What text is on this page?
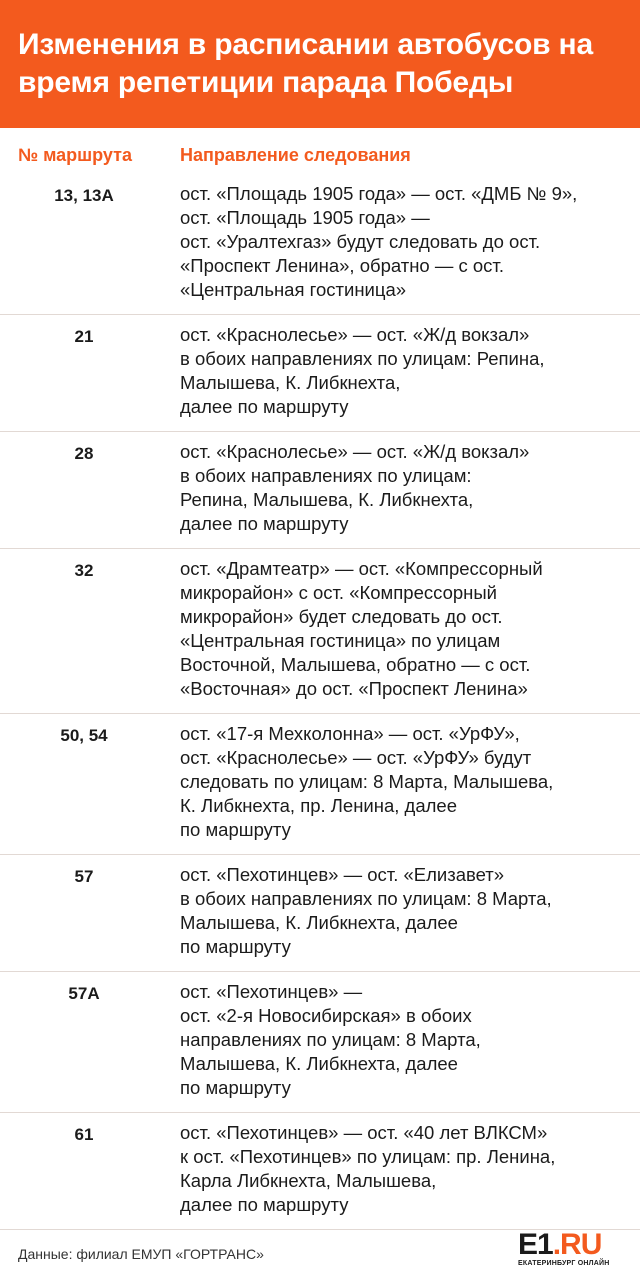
Изменения в расписании автобусов на время репетиции парада Победы
№ маршрута	Направление следования
13, 13А	ост. «Площадь 1905 года» — ост. «ДМБ № 9»,
ост. «Площадь 1905 года» —
ост. «Уралтехгаз» будут следовать до ост.
«Проспект Ленина», обратно — с ост.
«Центральная гостиница»
21	ост. «Краснолесье» — ост. «Ж/д вокзал»
в обоих направлениях по улицам: Репина,
Малышева, К. Либкнехта,
далее по маршруту
28	ост. «Краснолесье» — ост. «Ж/д вокзал»
в обоих направлениях по улицам:
Репина, Малышева, К. Либкнехта,
далее по маршруту
32	ост. «Драмтеатр» — ост. «Компрессорный
микрорайон» с ост. «Компрессорный
микрорайон» будет следовать до ост.
«Центральная гостиница» по улицам
Восточной, Малышева, обратно — с ост.
«Восточная» до ост. «Проспект Ленина»
50, 54	ост. «17-я Мехколонна» — ост. «УрФУ»,
ост. «Краснолесье» — ост. «УрФУ» будут
следовать по улицам: 8 Марта, Малышева,
К. Либкнехта, пр. Ленина, далее
по маршруту
57	ост. «Пехотинцев» — ост. «Елизавет»
в обоих направлениях по улицам: 8 Марта,
Малышева, К. Либкнехта, далее
по маршруту
57А	ост. «Пехотинцев» —
ост. «2-я Новосибирская» в обоих
направлениях по улицам: 8 Марта,
Малышева, К. Либкнехта, далее
по маршруту
61	ост. «Пехотинцев» — ост. «40 лет ВЛКСМ»
к ост. «Пехотинцев» по улицам: пр. Ленина,
Карла Либкнехта, Малышева,
далее по маршруту
Данные: филиал ЕМУП «ГОРТРАНС»	E1.RU
ЕКАТЕРИНБУРГ ОНЛАЙН
